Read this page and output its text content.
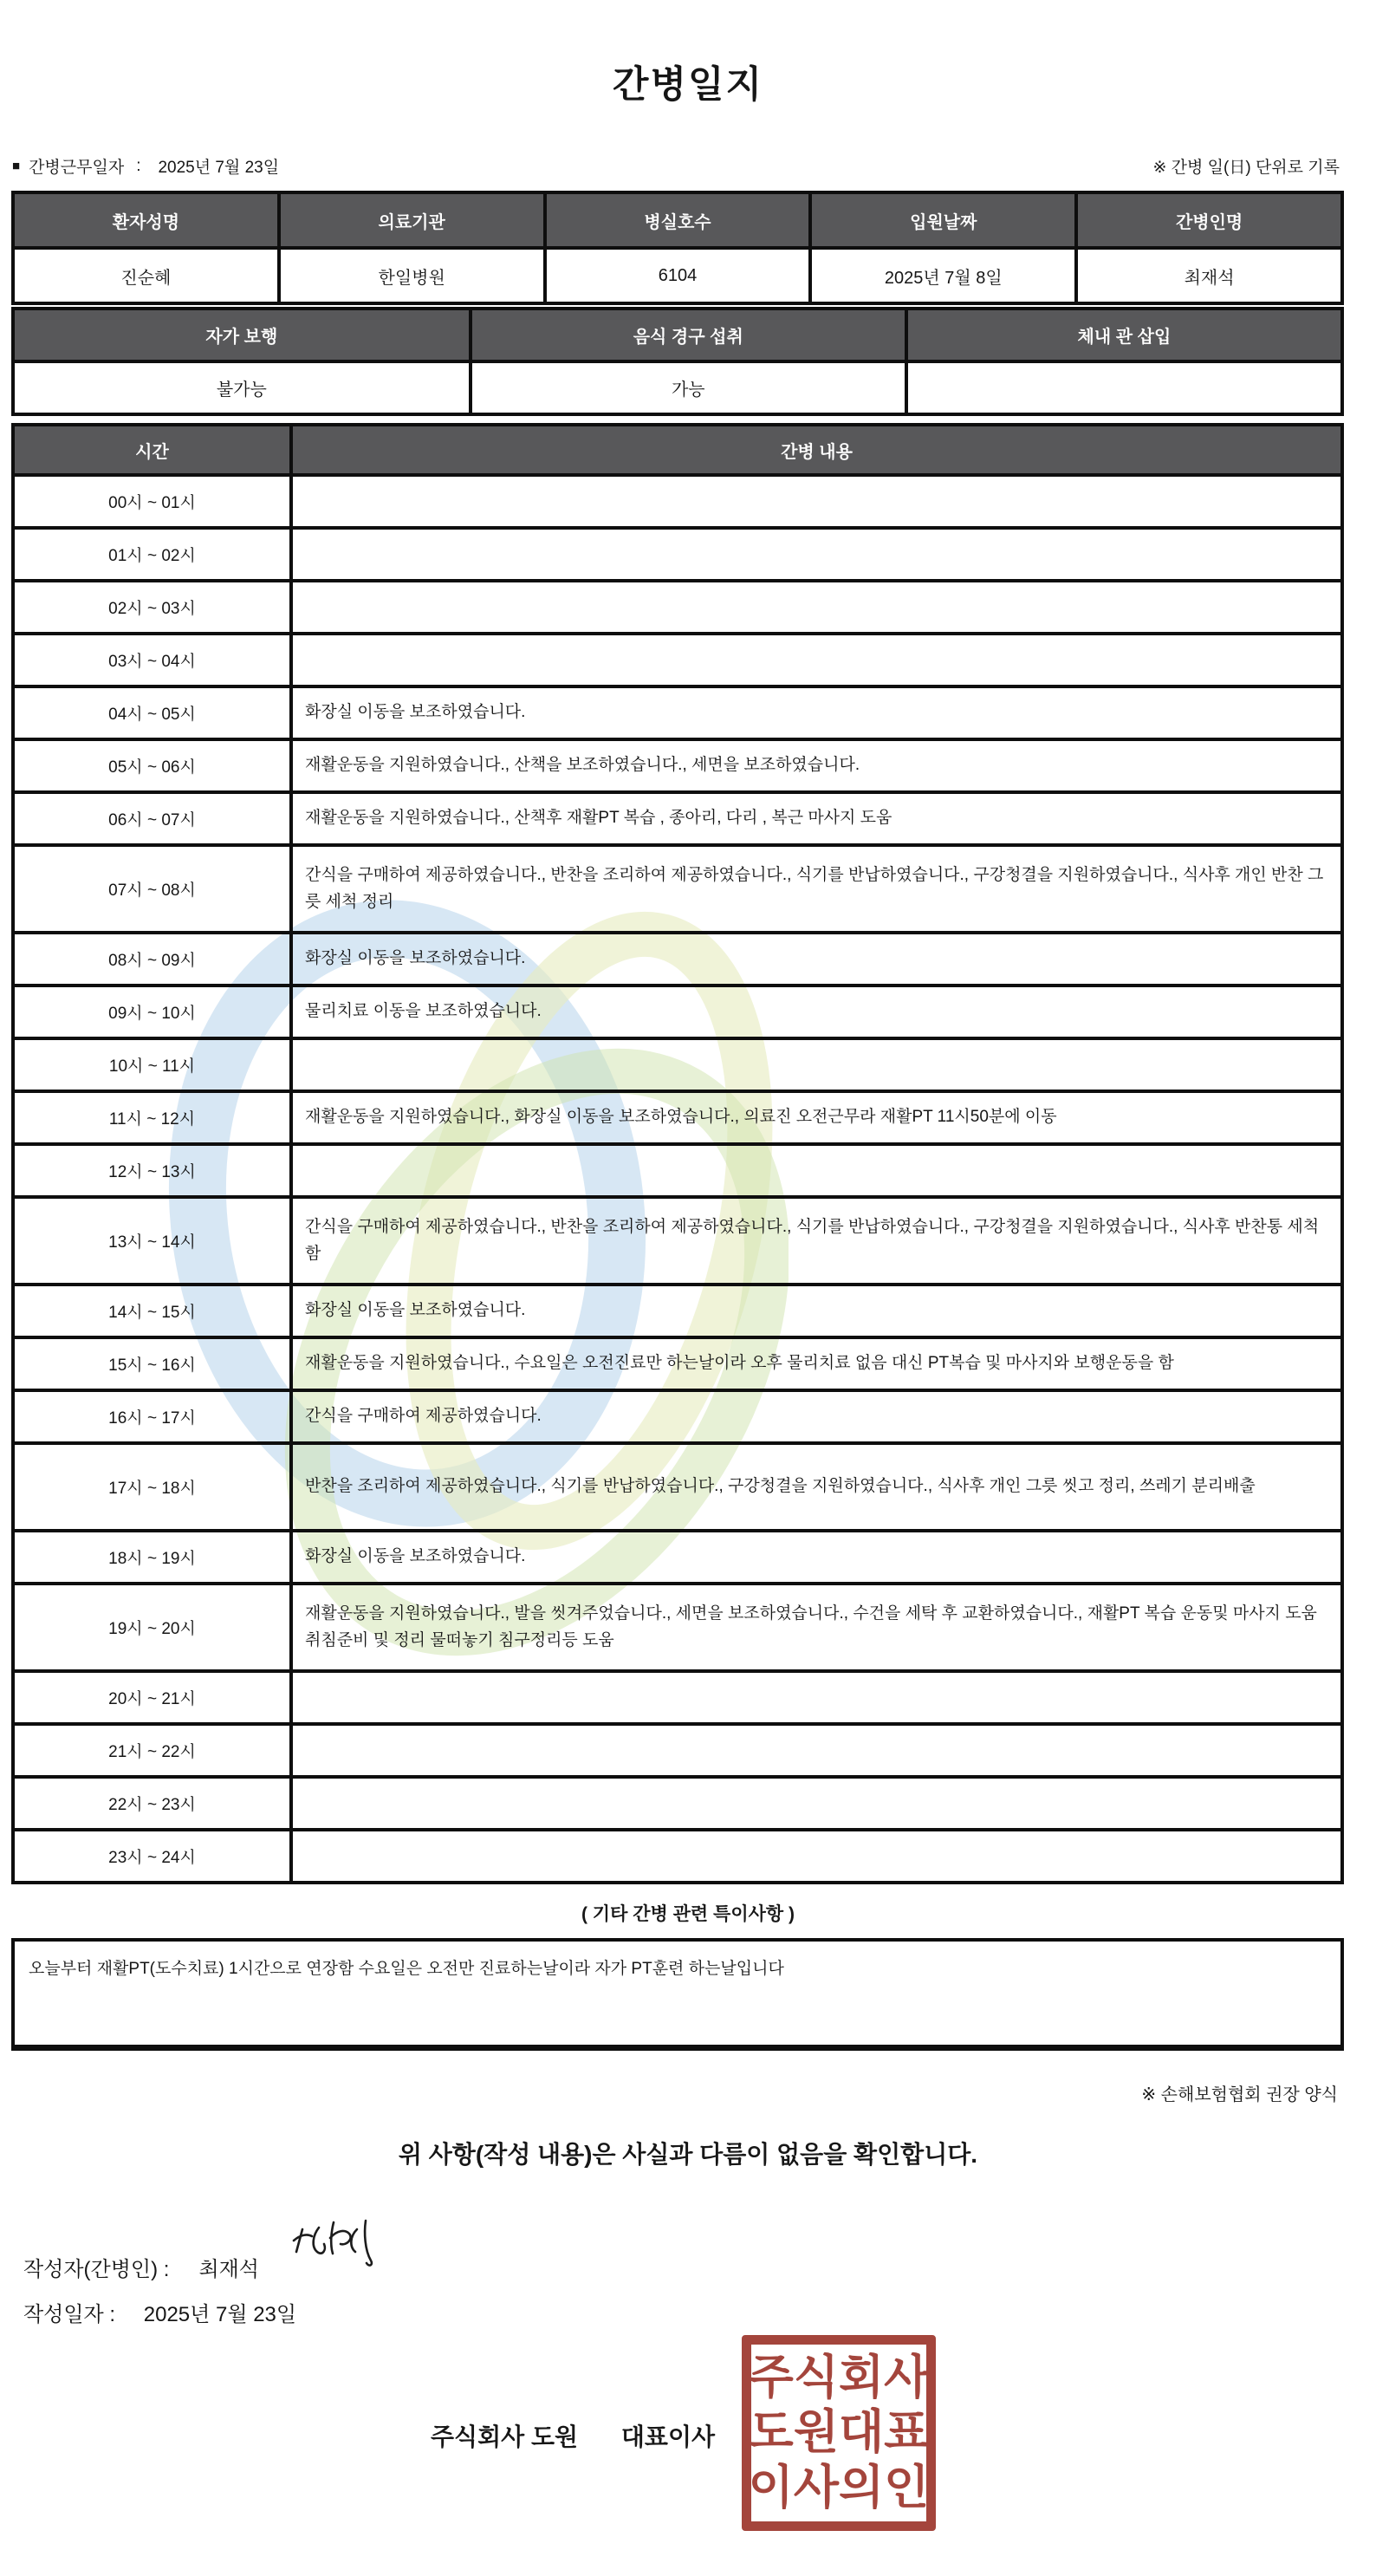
간병일지
■ 간병근무일자 : 2025년 7월 23일	※ 간병 일(日) 단위로 기록
환자성명	의료기관	병실호수	입원날짜	간병인명
진순혜	한일병원	6104	2025년 7월 8일	최재석
자가 보행	음식 경구 섭취	체내 관 삽입
불가능	가능	
시간	간병 내용
00시 ~ 01시	
01시 ~ 02시	
02시 ~ 03시	
03시 ~ 04시	
04시 ~ 05시	화장실 이동을 보조하였습니다.
05시 ~ 06시	재활운동을 지원하였습니다., 산책을 보조하였습니다., 세면을 보조하였습니다.
06시 ~ 07시	재활운동을 지원하였습니다., 산책후 재활PT 복습 , 종아리, 다리 , 복근 마사지 도움
07시 ~ 08시	간식을 구매하여 제공하였습니다., 반찬을 조리하여 제공하였습니다., 식기를 반납하였습니다., 구강청결을 지원하였습니다., 식사후 개인 반찬 그릇 세척 정리
08시 ~ 09시	화장실 이동을 보조하였습니다.
09시 ~ 10시	물리치료 이동을 보조하였습니다.
10시 ~ 11시	
11시 ~ 12시	재활운동을 지원하였습니다., 화장실 이동을 보조하였습니다., 의료진 오전근무라 재활PT 11시50분에 이동
12시 ~ 13시	
13시 ~ 14시	간식을 구매하여 제공하였습니다., 반찬을 조리하여 제공하였습니다., 식기를 반납하였습니다., 구강청결을 지원하였습니다., 식사후 반찬통 세척함
14시 ~ 15시	화장실 이동을 보조하였습니다.
15시 ~ 16시	재활운동을 지원하였습니다., 수요일은 오전진료만 하는날이라 오후 물리치료 없음 대신 PT복습 및 마사지와 보행운동을 함
16시 ~ 17시	간식을 구매하여 제공하였습니다.
17시 ~ 18시	반찬을 조리하여 제공하였습니다., 식기를 반납하였습니다., 구강청결을 지원하였습니다., 식사후 개인 그릇 씻고 정리, 쓰레기 분리배출
18시 ~ 19시	화장실 이동을 보조하였습니다.
19시 ~ 20시	재활운동을 지원하였습니다., 발을 씻겨주었습니다., 세면을 보조하였습니다., 수건을 세탁 후 교환하였습니다., 재활PT 복습 운동및 마사지 도움 취침준비 및 정리 물떠놓기 침구정리등 도움
20시 ~ 21시	
21시 ~ 22시	
22시 ~ 23시	
23시 ~ 24시	
( 기타 간병 관련 특이사항 )
오늘부터 재활PT(도수치료) 1시간으로 연장함 수요일은 오전만 진료하는날이라 자가 PT훈련 하는날입니다
※ 손해보험협회 권장 양식
위 사항(작성 내용)은 사실과 다름이 없음을 확인합니다.
작성자(간병인) : 최재석
작성일자 : 2025년 7월 23일
주식회사 도원 대표이사
주식회사
도원대표
이사의인
